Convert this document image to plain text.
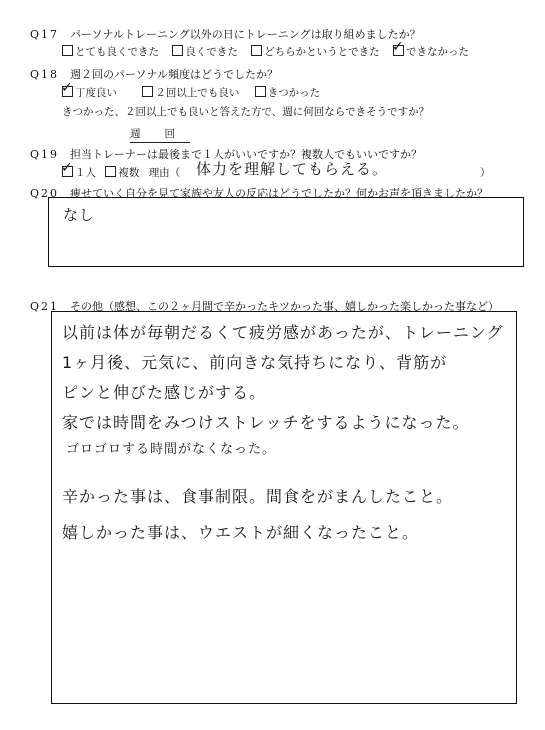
Q17 パーソナルトレーニング以外の日にトレーニングは取り組めましたか？
とても良くできた	良くできた	どちらかというとできた ✓ できなかった
Q18 週２回のパーソナル頻度はどうでしたか？
✓ 丁度良い	２回以上でも良い	きつかった
きつかった、２回以上でも良いと答えた方で、週に何回ならできそうですか？
週 回
Q19 担当トレーナーは最後まで１人がいいですか？複数人でもいいですか？
✓ １人 複数 理由（ 体力を理解してもらえる。	）
Q20 痩せていく自分を見て家族や友人の反応はどうでしたか？何かお声を頂きましたか？
なし
Q21 その他（感想、この２ヶ月間で辛かったキツかった事、嬉しかった楽しかった事など）
以前は体が毎朝だるくて疲労感があったが、トレーニング
1ヶ月後、元気に、前向きな気持ちになり、背筋が
ピンと伸びた感じがする。
家では時間をみつけストレッチをするようになった。
ゴロゴロする時間がなくなった。
辛かった事は、食事制限。間食をがまんしたこと。
嬉しかった事は、ウエストが細くなったこと。
